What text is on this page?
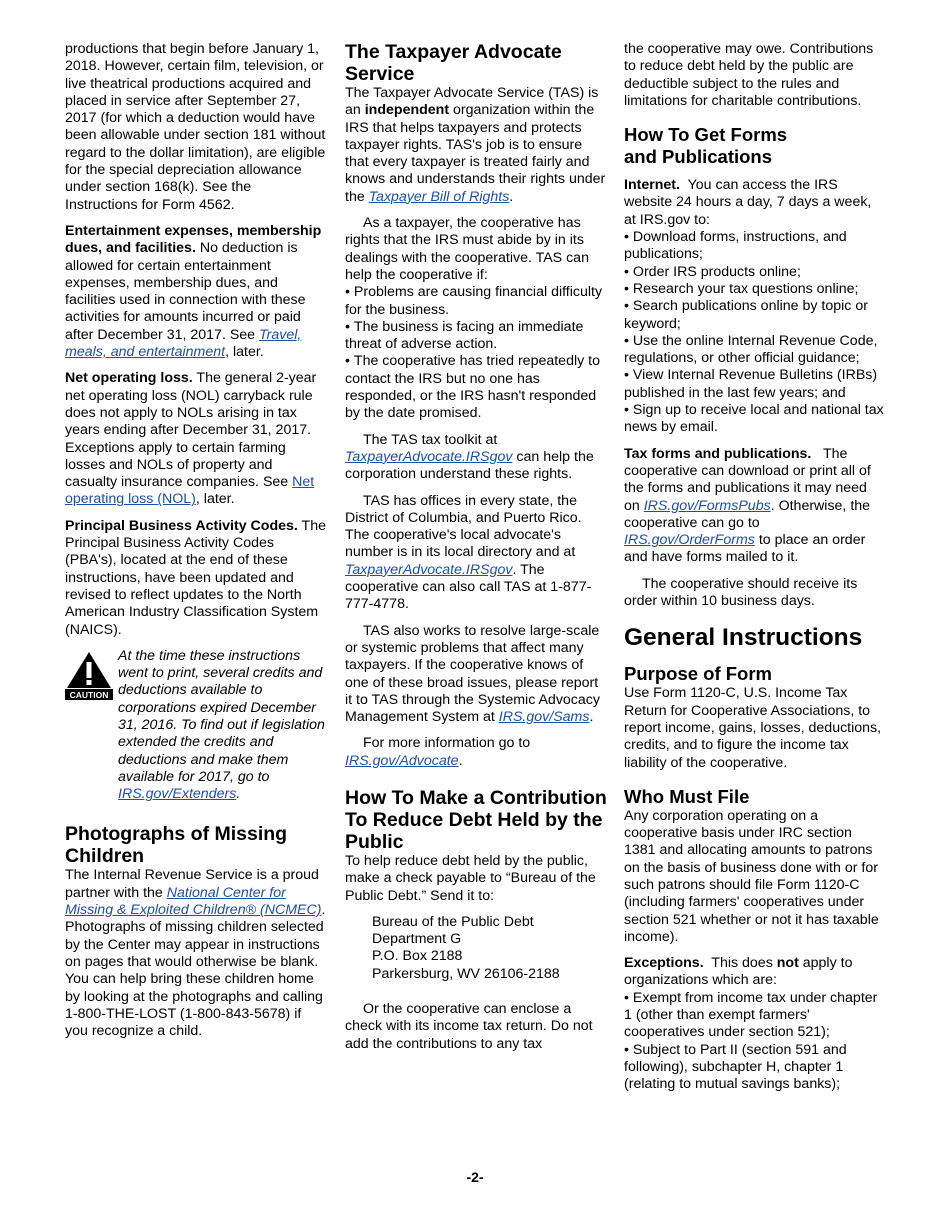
productions that begin before January 1, 2018. However, certain film, television, or live theatrical productions acquired and placed in service after September 27, 2017 (for which a deduction would have been allowable under section 181 without regard to the dollar limitation), are eligible for the special depreciation allowance under section 168(k). See the Instructions for Form 4562.

Entertainment expenses, membership dues, and facilities. No deduction is allowed for certain entertainment expenses, membership dues, and facilities used in connection with these activities for amounts incurred or paid after December 31, 2017. See Travel, meals, and entertainment, later.

Net operating loss. The general 2-year net operating loss (NOL) carryback rule does not apply to NOLs arising in tax years ending after December 31, 2017. Exceptions apply to certain farming losses and NOLs of property and casualty insurance companies. See Net operating loss (NOL), later.

Principal Business Activity Codes. The Principal Business Activity Codes (PBA's), located at the end of these instructions, have been updated and revised to reflect updates to the North American Industry Classification System (NAICS).

CAUTION
At the time these instructions went to print, several credits and deductions available to corporations expired December 31, 2016. To find out if legislation extended the credits and deductions and make them available for 2017, go to IRS.gov/Extenders.

Photographs of Missing Children

The Internal Revenue Service is a proud partner with the National Center for Missing & Exploited Children® (NCMEC). Photographs of missing children selected by the Center may appear in instructions on pages that would otherwise be blank. You can help bring these children home by looking at the photographs and calling 1-800-THE-LOST (1-800-843-5678) if you recognize a child.

The Taxpayer Advocate Service

The Taxpayer Advocate Service (TAS) is an independent organization within the IRS that helps taxpayers and protects taxpayer rights. TAS's job is to ensure that every taxpayer is treated fairly and knows and understands their rights under the Taxpayer Bill of Rights.

As a taxpayer, the cooperative has rights that the IRS must abide by in its dealings with the cooperative. TAS can help the cooperative if:

• Problems are causing financial difficulty for the business.
• The business is facing an immediate threat of adverse action.
• The cooperative has tried repeatedly to contact the IRS but no one has responded, or the IRS hasn't responded by the date promised.

The TAS tax toolkit at TaxpayerAdvocate.IRSgov can help the corporation understand these rights.

TAS has offices in every state, the District of Columbia, and Puerto Rico. The cooperative's local advocate's number is in its local directory and at TaxpayerAdvocate.IRSgov. The cooperative can also call TAS at 1-877-777-4778.

TAS also works to resolve large-scale or systemic problems that affect many taxpayers. If the cooperative knows of one of these broad issues, please report it to TAS through the Systemic Advocacy Management System at IRS.gov/Sams.

For more information go to IRS.gov/Advocate.

How To Make a Contribution To Reduce Debt Held by the Public

To help reduce debt held by the public, make a check payable to “Bureau of the Public Debt.” Send it to:

Bureau of the Public Debt
Department G
P.O. Box 2188
Parkersburg, WV 26106-2188

Or the cooperative can enclose a check with its income tax return. Do not add the contributions to any tax

the cooperative may owe. Contributions to reduce debt held by the public are deductible subject to the rules and limitations for charitable contributions.

How To Get Forms and Publications

Internet. You can access the IRS website 24 hours a day, 7 days a week, at IRS.gov to:

• Download forms, instructions, and publications;
• Order IRS products online;
• Research your tax questions online;
• Search publications online by topic or keyword;
• Use the online Internal Revenue Code, regulations, or other official guidance;
• View Internal Revenue Bulletins (IRBs) published in the last few years; and
• Sign up to receive local and national tax news by email.

Tax forms and publications. The cooperative can download or print all of the forms and publications it may need on IRS.gov/FormsPubs. Otherwise, the cooperative can go to IRS.gov/OrderForms to place an order and have forms mailed to it.

The cooperative should receive its order within 10 business days.

General Instructions

Purpose of Form

Use Form 1120-C, U.S. Income Tax Return for Cooperative Associations, to report income, gains, losses, deductions, credits, and to figure the income tax liability of the cooperative.

Who Must File

Any corporation operating on a cooperative basis under IRC section 1381 and allocating amounts to patrons on the basis of business done with or for such patrons should file Form 1120-C (including farmers' cooperatives under section 521 whether or not it has taxable income).

Exceptions. This does not apply to organizations which are:

• Exempt from income tax under chapter 1 (other than exempt farmers' cooperatives under section 521);
• Subject to Part II (section 591 and following), subchapter H, chapter 1 (relating to mutual savings banks);
-2-
